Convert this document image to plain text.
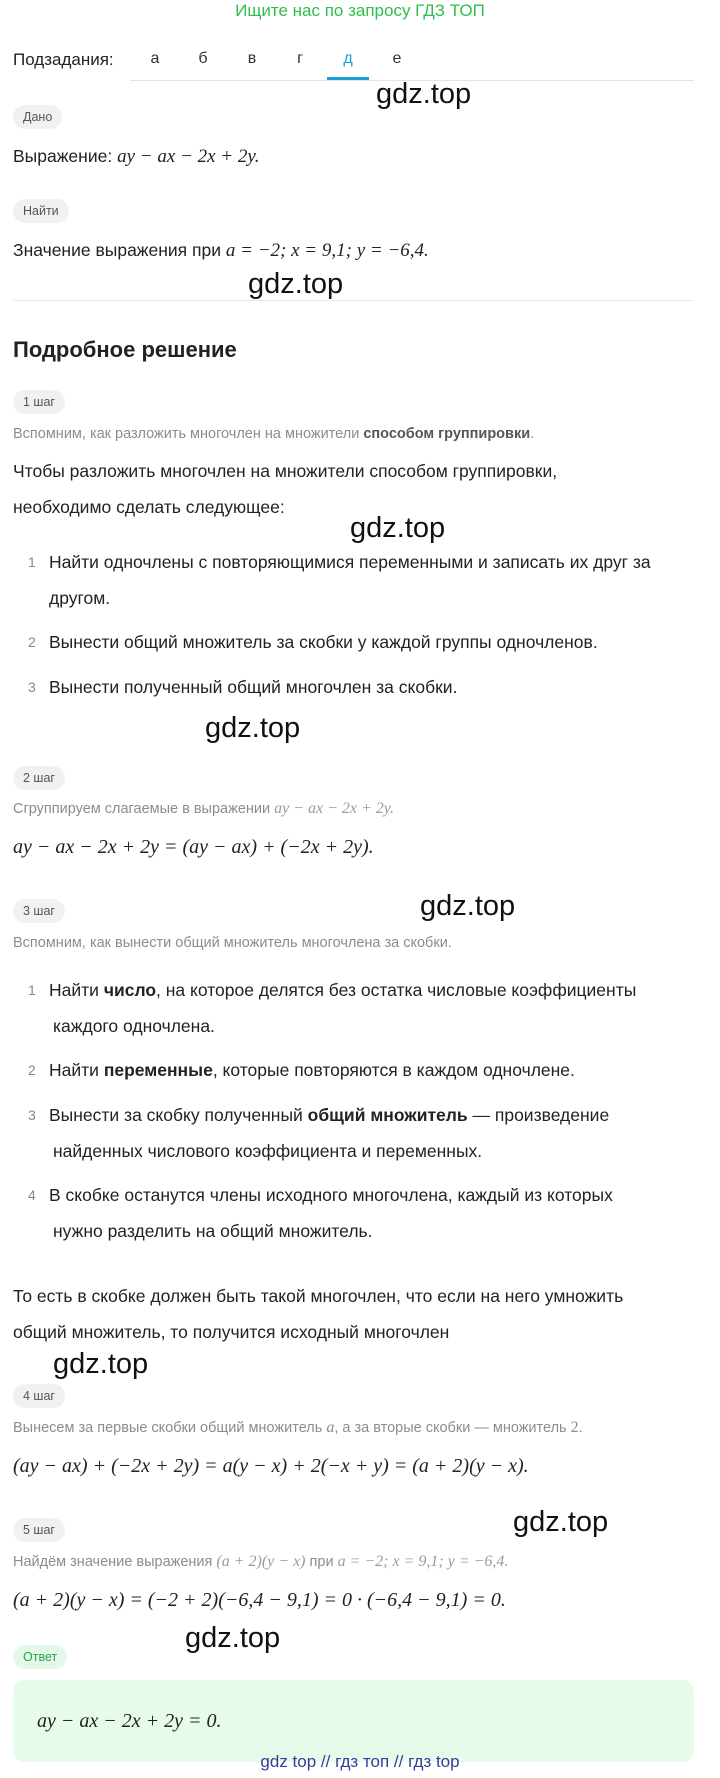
Ищите нас по запросу ГДЗ ТОП
Подзадания:	а	б	в	г	д	е
gdz.top
Дано
Выражение: ay − ax − 2x + 2y.
Найти
Значение выражения при a = −2; x = 9,1; y = −6,4.
gdz.top
Подробное решение
1 шаг
Вспомним, как разложить многочлен на множители способом группировки.
Чтобы разложить многочлен на множители способом группировки,
необходимо сделать следующее:
gdz.top
1 Найти одночлены с повторяющимися переменными и записать их друг за
другом.
2 Вынести общий множитель за скобки у каждой группы одночленов.
3 Вынести полученный общий многочлен за скобки.
gdz.top
2 шаг
Сгруппируем слагаемые в выражении ay − ax − 2x + 2y.
ay − ax − 2x + 2y = (ay − ax) + (−2x + 2y).
gdz.top
3 шаг
Вспомним, как вынести общий множитель многочлена за скобки.
1 Найти число, на которое делятся без остатка числовые коэффициенты
каждого одночлена.
2 Найти переменные, которые повторяются в каждом одночлене.
3 Вынести за скобку полученный общий множитель — произведение
найденных числового коэффициента и переменных.
4 В скобке останутся члены исходного многочлена, каждый из которых
нужно разделить на общий множитель.
То есть в скобке должен быть такой многочлен, что если на него умножить
общий множитель, то получится исходный многочлен
gdz.top
4 шаг
Вынесем за первые скобки общий множитель a, а за вторые скобки — множитель 2.
(ay − ax) + (−2x + 2y) = a(y − x) + 2(−x + y) = (a + 2)(y − x).
gdz.top
5 шаг
Найдём значение выражения (a + 2)(y − x) при a = −2; x = 9,1; y = −6,4.
(a + 2)(y − x) = (−2 + 2)(−6,4 − 9,1) = 0 · (−6,4 − 9,1) = 0.
gdz.top
Ответ
ay − ax − 2x + 2y = 0.
gdz top // гдз топ // гдз top
